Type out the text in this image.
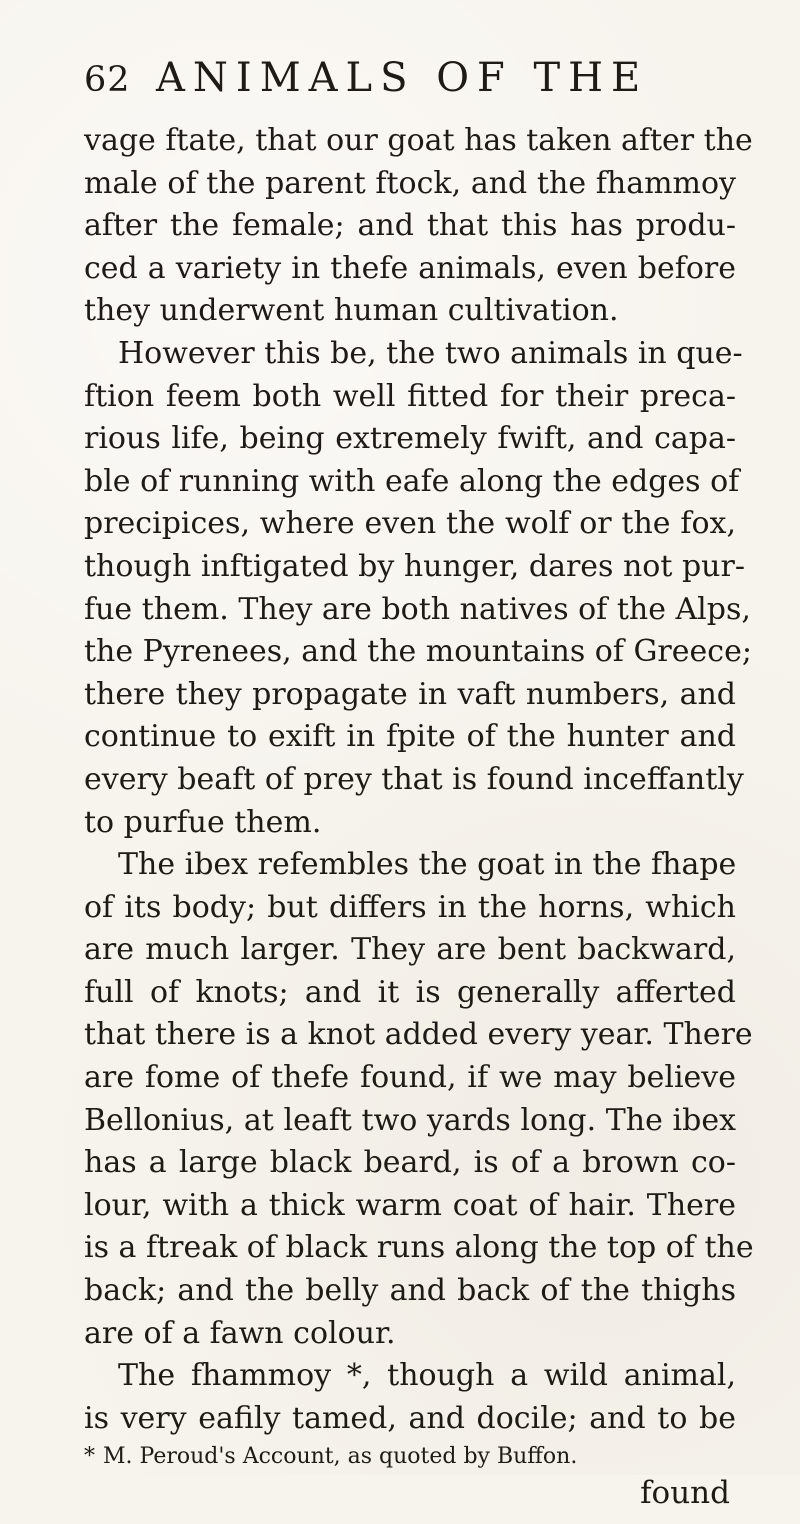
62 ANIMALS OF THE
vage ftate, that our goat has taken after the
male of the parent ftock, and the fhammoy
after the female; and that this has produ-
ced a variety in thefe animals, even before
they underwent human cultivation.
However this be, the two animals in que-
ftion feem both well fitted for their preca-
rious life, being extremely fwift, and capa-
ble of running with eafe along the edges of
precipices, where even the wolf or the fox,
though inftigated by hunger, dares not pur-
fue them. They are both natives of the Alps,
the Pyrenees, and the mountains of Greece;
there they propagate in vaft numbers, and
continue to exift in fpite of the hunter and
every beaft of prey that is found inceffantly
to purfue them.
The ibex refembles the goat in the fhape
of its body; but differs in the horns, which
are much larger. They are bent backward,
full of knots; and it is generally afferted
that there is a knot added every year. There
are fome of thefe found, if we may believe
Bellonius, at leaft two yards long. The ibex
has a large black beard, is of a brown co-
lour, with a thick warm coat of hair. There
is a ftreak of black runs along the top of the
back; and the belly and back of the thighs
are of a fawn colour.
The fhammoy *, though a wild animal,
is very eafily tamed, and docile; and to be
* M. Peroud's Account, as quoted by Buffon.
found
